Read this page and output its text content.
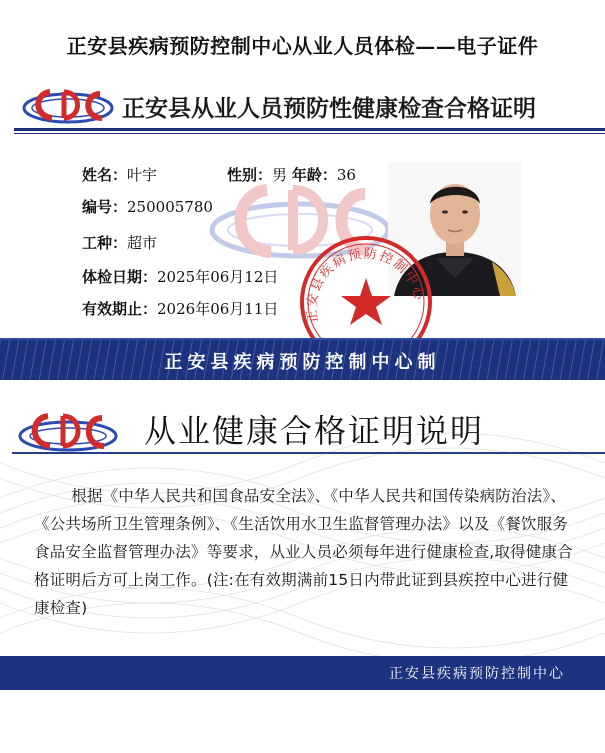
正安县疾病预防控制中心从业人员体检——电子证件
正安县从业人员预防性健康检查合格证明
姓名：叶宇	性别：男 年龄：36
编号：250005780
工种：超市
体检日期：2025年06月12日
有效期止：2026年06月11日 正安县疾病预防控制中心
正安县疾病预防控制中心制
从业健康合格证明说明
根据《中华人民共和国食品安全法》、《中华人民共和国传染病防治法》、《公共场所卫生管理条例》、《生活饮用水卫生监督管理办法》以及《餐饮服务食品安全监督管理办法》等要求，从业人员必须每年进行健康检查,取得健康合格证明后方可上岗工作。(注:在有效期满前15日内带此证到县疾控中心进行健康检查)
正安县疾病预防控制中心
